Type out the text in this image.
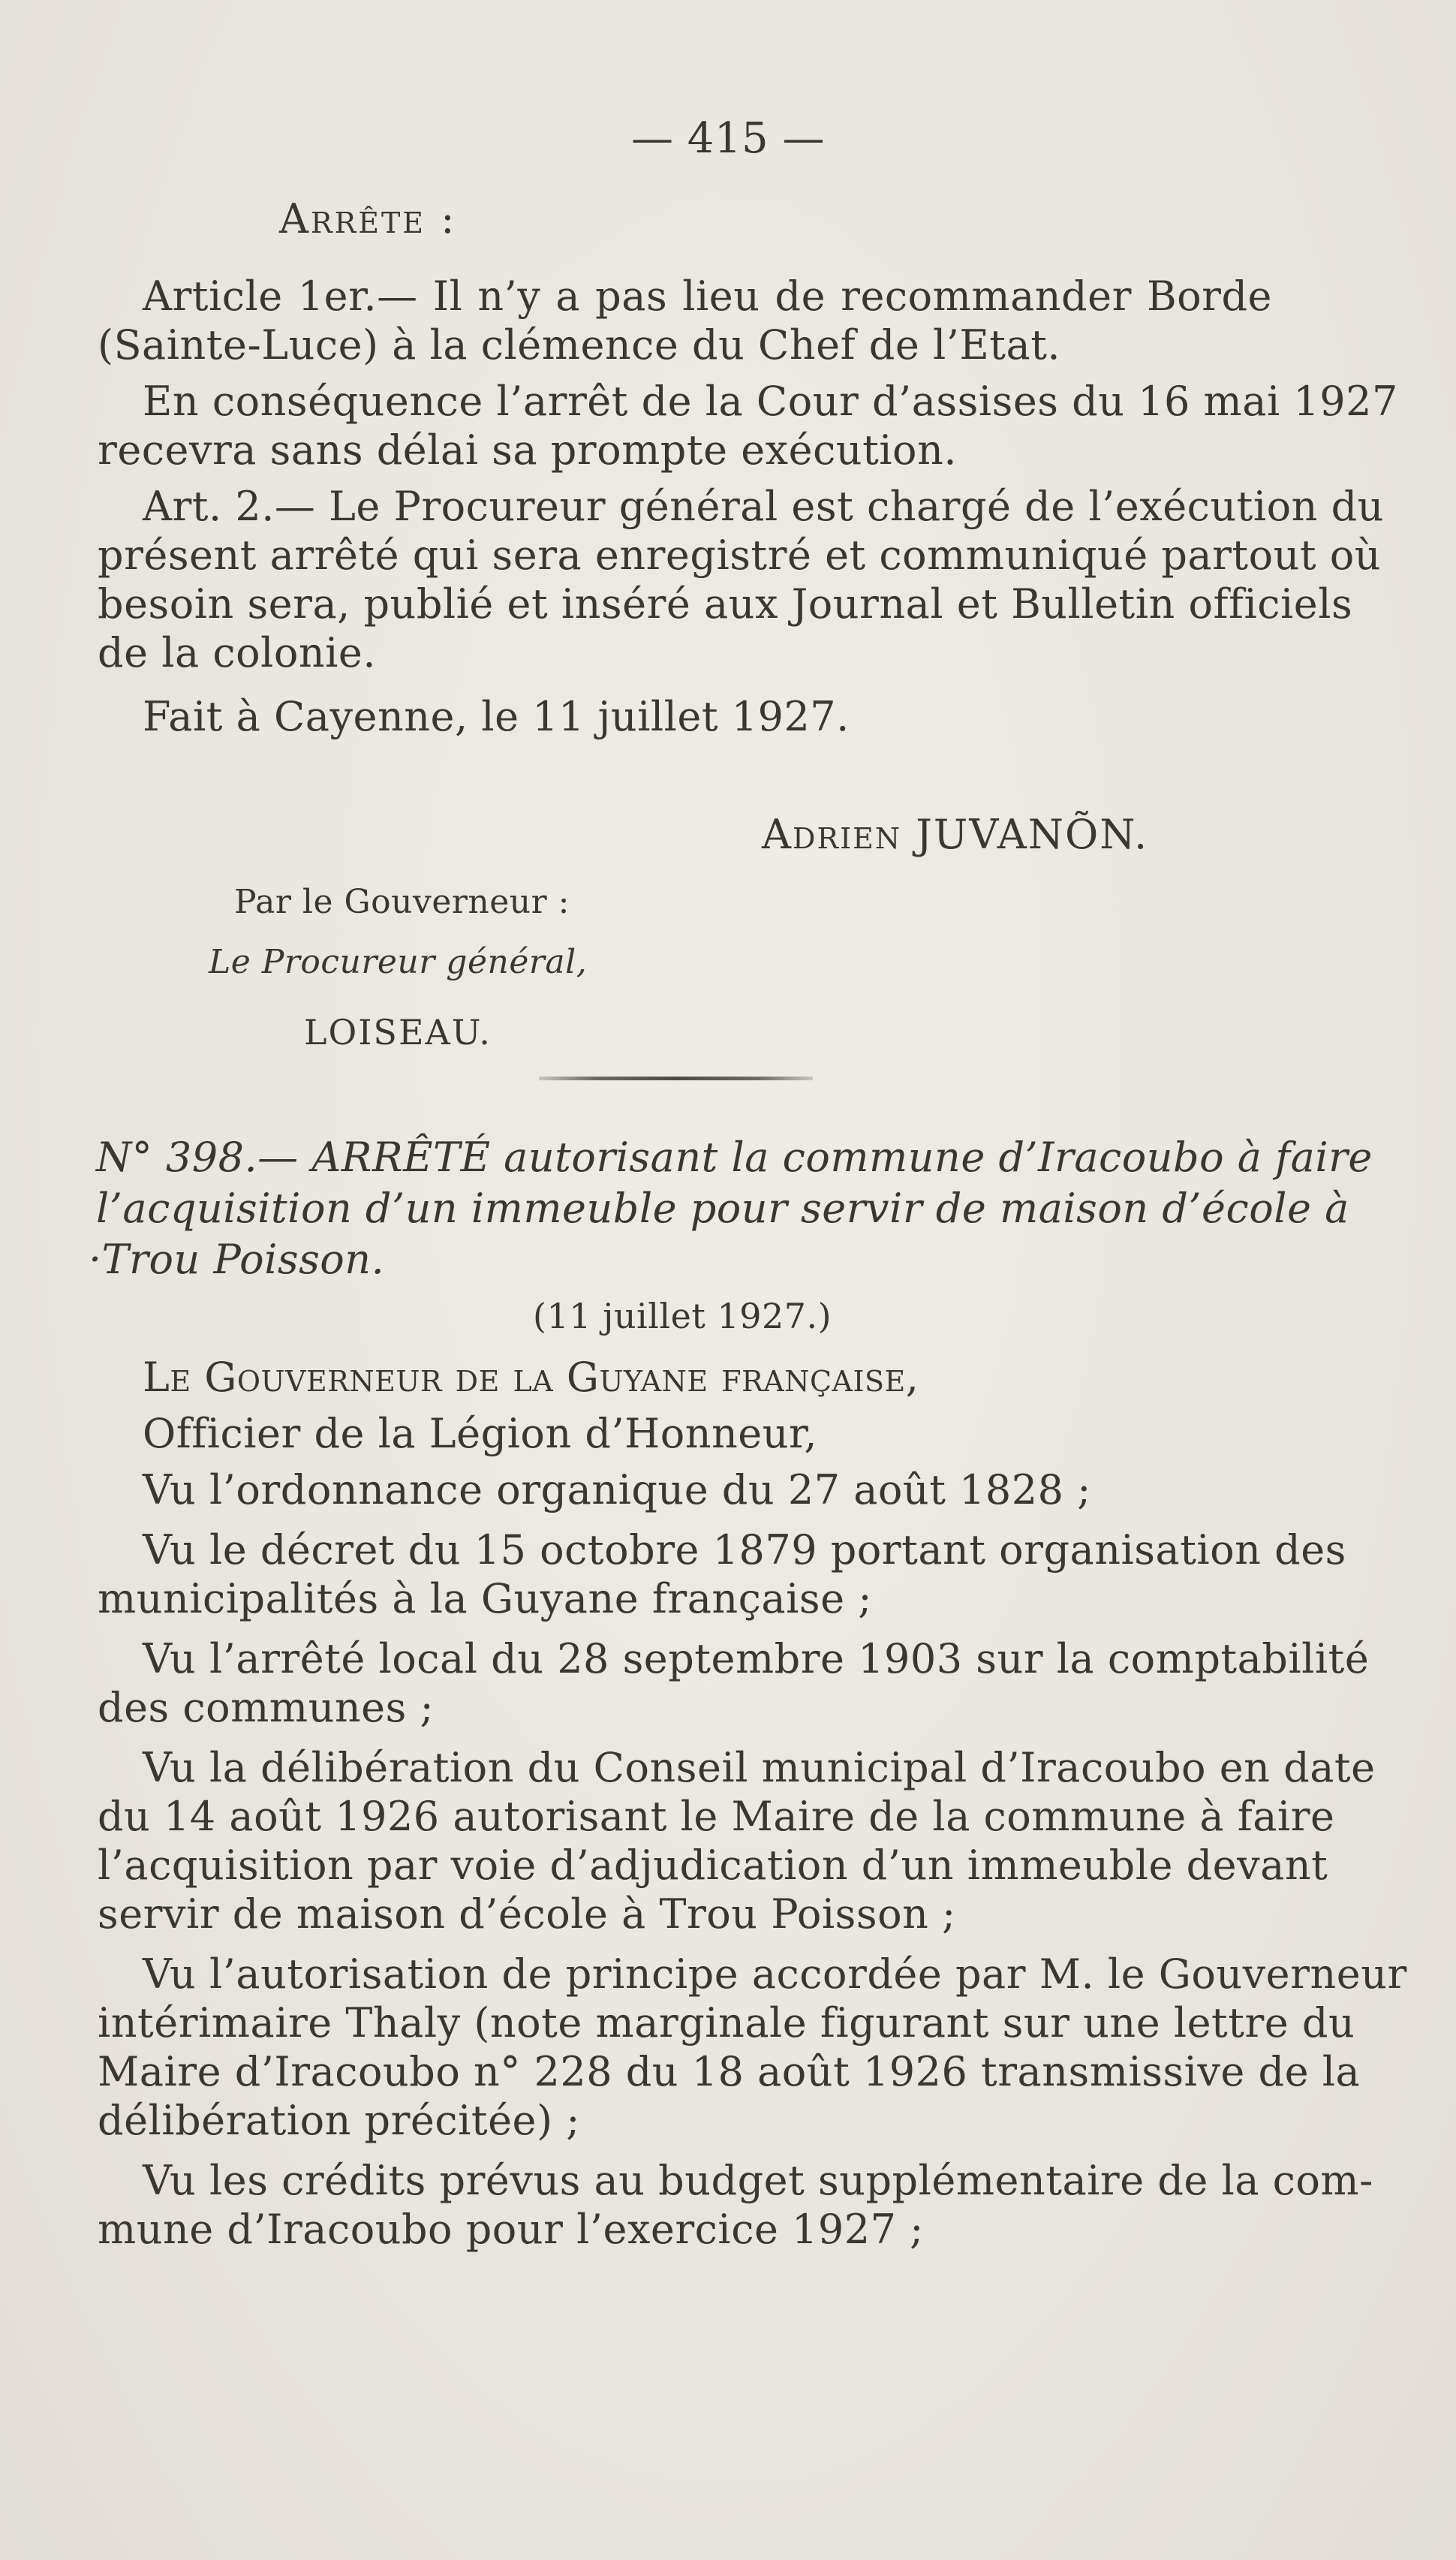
— 415 —
Arrête :
Article 1er.— Il n’y a pas lieu de recommander Borde
(Sainte-Luce) à la clémence du Chef de l’Etat.
En conséquence l’arrêt de la Cour d’assises du 16 mai 1927
recevra sans délai sa prompte exécution.
Art. 2.— Le Procureur général est chargé de l’exécution du
présent arrêté qui sera enregistré et communiqué partout où
besoin sera, publié et inséré aux Journal et Bulletin officiels
de la colonie.
Fait à Cayenne, le 11 juillet 1927.
Adrien JUVANÕN.
Par le Gouverneur :
Le Procureur général,
LOISEAU.
N° 398.— ARRÊTÉ autorisant la commune d’Iracoubo à faire
l’acquisition d’un immeuble pour servir de maison d’école à
·Trou Poisson.
(11 juillet 1927.)
Le Gouverneur de la Guyane française,
Officier de la Légion d’Honneur,
Vu l’ordonnance organique du 27 août 1828 ;
Vu le décret du 15 octobre 1879 portant organisation des
municipalités à la Guyane française ;
Vu l’arrêté local du 28 septembre 1903 sur la comptabilité
des communes ;
Vu la délibération du Conseil municipal d’Iracoubo en date
du 14 août 1926 autorisant le Maire de la commune à faire
l’acquisition par voie d’adjudication d’un immeuble devant
servir de maison d’école à Trou Poisson ;
Vu l’autorisation de principe accordée par M. le Gouverneur
intérimaire Thaly (note marginale figurant sur une lettre du
Maire d’Iracoubo n° 228 du 18 août 1926 transmissive de la
délibération précitée) ;
Vu les crédits prévus au budget supplémentaire de la com-
mune d’Iracoubo pour l’exercice 1927 ;
